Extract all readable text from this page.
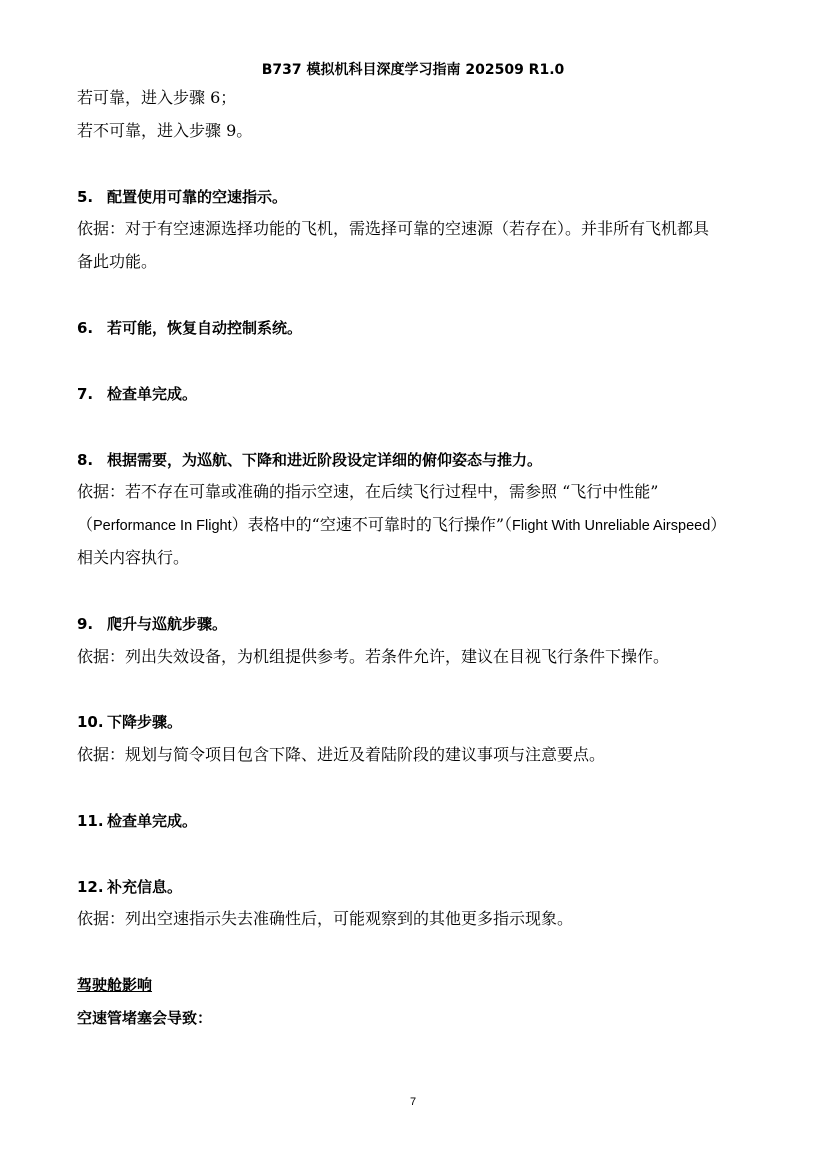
B737 模拟机科目深度学习指南 202509 R1.0
若可靠，进入步骤 6；
若不可靠，进入步骤 9。
5. 配置使用可靠的空速指示。
依据：对于有空速源选择功能的飞机，需选择可靠的空速源（若存在）。并非所有飞机都具
备此功能。
6. 若可能，恢复自动控制系统。
7. 检查单完成。
8. 根据需要，为巡航、下降和进近阶段设定详细的俯仰姿态与推力。
依据：若不存在可靠或准确的指示空速，在后续飞行过程中，需参照 “飞行中性能”
（Performance In Flight）表格中的“空速不可靠时的飞行操作”（Flight With Unreliable Airspeed）
相关内容执行。
9. 爬升与巡航步骤。
依据：列出失效设备，为机组提供参考。若条件允许，建议在目视飞行条件下操作。
10. 下降步骤。
依据：规划与简令项目包含下降、进近及着陆阶段的建议事项与注意要点。
11. 检查单完成。
12. 补充信息。
依据：列出空速指示失去准确性后，可能观察到的其他更多指示现象。
驾驶舱影响
空速管堵塞会导致：
7
